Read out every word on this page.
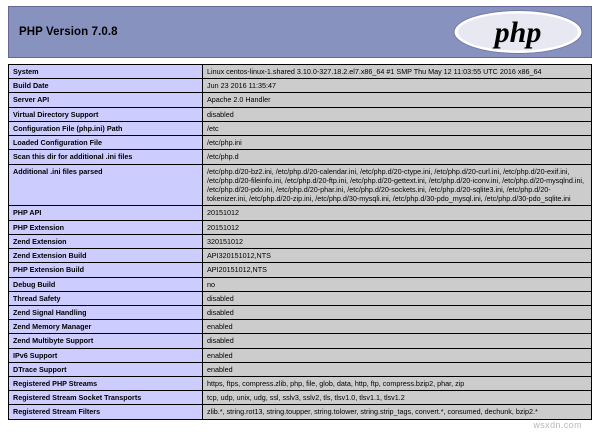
PHP Version 7.0.8	php
System	Linux centos-linux-1.shared 3.10.0-327.18.2.el7.x86_64 #1 SMP Thu May 12 11:03:55 UTC 2016 x86_64
Build Date	Jun 23 2016 11:35:47
Server API	Apache 2.0 Handler
Virtual Directory Support	disabled
Configuration File (php.ini) Path	/etc
Loaded Configuration File	/etc/php.ini
Scan this dir for additional .ini files	/etc/php.d
Additional .ini files parsed	/etc/php.d/20-bz2.ini, /etc/php.d/20-calendar.ini, /etc/php.d/20-ctype.ini, /etc/php.d/20-curl.ini, /etc/php.d/20-exif.ini, /etc/php.d/20-fileinfo.ini, /etc/php.d/20-ftp.ini, /etc/php.d/20-gettext.ini, /etc/php.d/20-iconv.ini, /etc/php.d/20-mysqlnd.ini, /etc/php.d/20-pdo.ini, /etc/php.d/20-phar.ini, /etc/php.d/20-sockets.ini, /etc/php.d/20-sqlite3.ini, /etc/php.d/20-tokenizer.ini, /etc/php.d/20-zip.ini, /etc/php.d/30-mysqli.ini, /etc/php.d/30-pdo_mysql.ini, /etc/php.d/30-pdo_sqlite.ini
PHP API	20151012
PHP Extension	20151012
Zend Extension	320151012
Zend Extension Build	API320151012,NTS
PHP Extension Build	API20151012,NTS
Debug Build	no
Thread Safety	disabled
Zend Signal Handling	disabled
Zend Memory Manager	enabled
Zend Multibyte Support	disabled
IPv6 Support	enabled
DTrace Support	enabled
Registered PHP Streams	https, ftps, compress.zlib, php, file, glob, data, http, ftp, compress.bzip2, phar, zip
Registered Stream Socket Transports	tcp, udp, unix, udg, ssl, sslv3, sslv2, tls, tlsv1.0, tlsv1.1, tlsv1.2
Registered Stream Filters	zlib.*, string.rot13, string.toupper, string.tolower, string.strip_tags, convert.*, consumed, dechunk, bzip2.*
wsxdn.com
